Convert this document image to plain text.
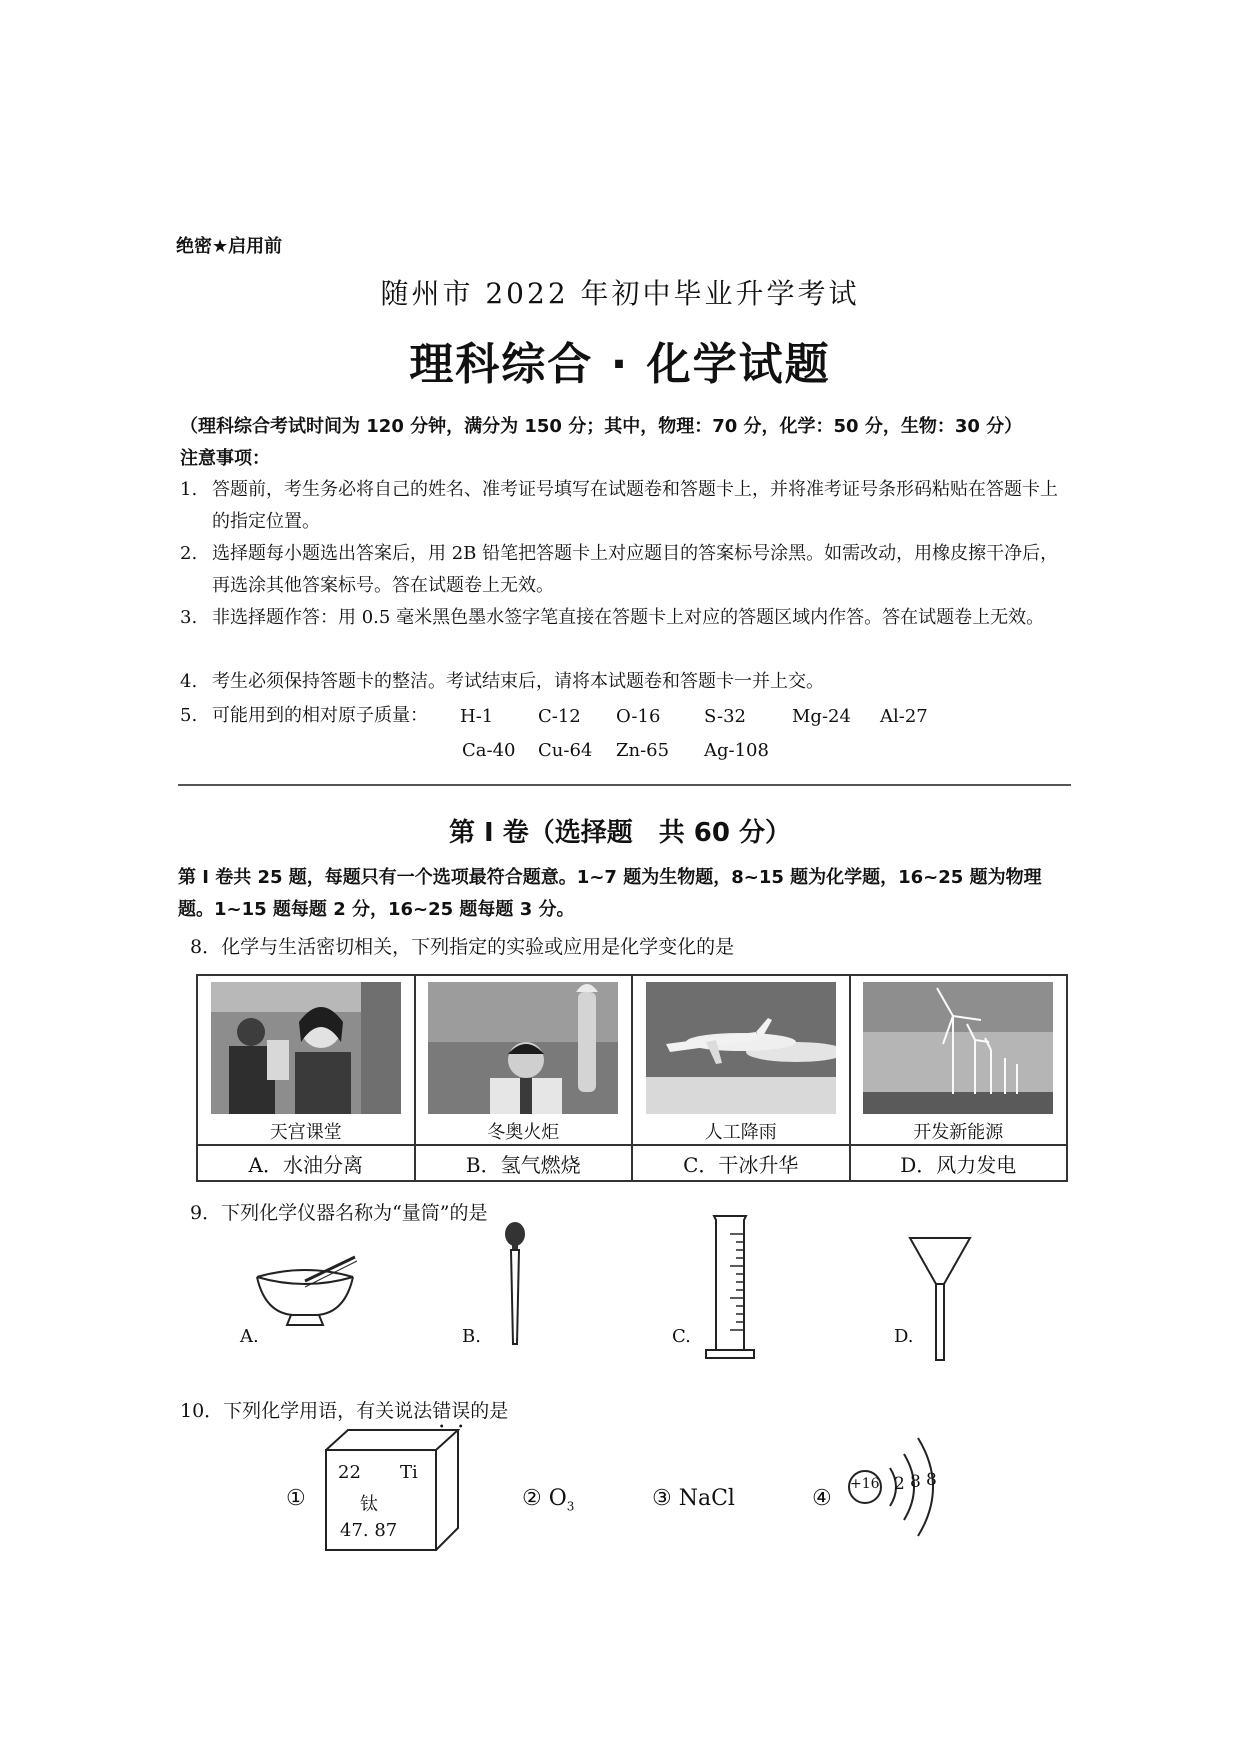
绝密★启用前
随州市 2022 年初中毕业升学考试
理科综合 · 化学试题
（理科综合考试时间为 120 分钟，满分为 150 分；其中，物理：70 分，化学：50 分，生物：30 分）
注意事项：
1. 答题前，考生务必将自己的姓名、准考证号填写在试题卷和答题卡上，并将准考证号条形码粘贴在答题卡上的指定位置。
2. 选择题每小题选出答案后，用 2B 铅笔把答题卡上对应题目的答案标号涂黑。如需改动，用橡皮擦干净后，再选涂其他答案标号。答在试题卷上无效。
3. 非选择题作答：用 0.5 毫米黑色墨水签字笔直接在答题卡上对应的答题区域内作答。答在试题卷上无效。
4. 考生必须保持答题卡的整洁。考试结束后，请将本试题卷和答题卡一并上交。
5. 可能用到的相对原子质量：	H-1 C-12 O-16 S-32	Mg-24 Al-27
Ca-40 Cu-64 Zn-65 Ag-108
第 I 卷（选择题　共 60 分）
第 I 卷共 25 题，每题只有一个选项最符合题意。1~7 题为生物题，8~15 题为化学题，16~25 题为物理题。1~15 题每题 2 分，16~25 题每题 3 分。
8．化学与生活密切相关，下列指定的实验或应用是化学变化的是
天宫课堂	冬奥火炬	人工降雨	开发新能源

A．水油分离	B．氢气燃烧	C．干冰升华	D．风力发电
9．下列化学仪器名称为“量筒”的是
A.	B.	C.	D.
10．下列化学用语，有关说法错误的是
①
22 Ti
钛
47. 87
② $O_3$	③ NaCl	④
+16 2 8 8
